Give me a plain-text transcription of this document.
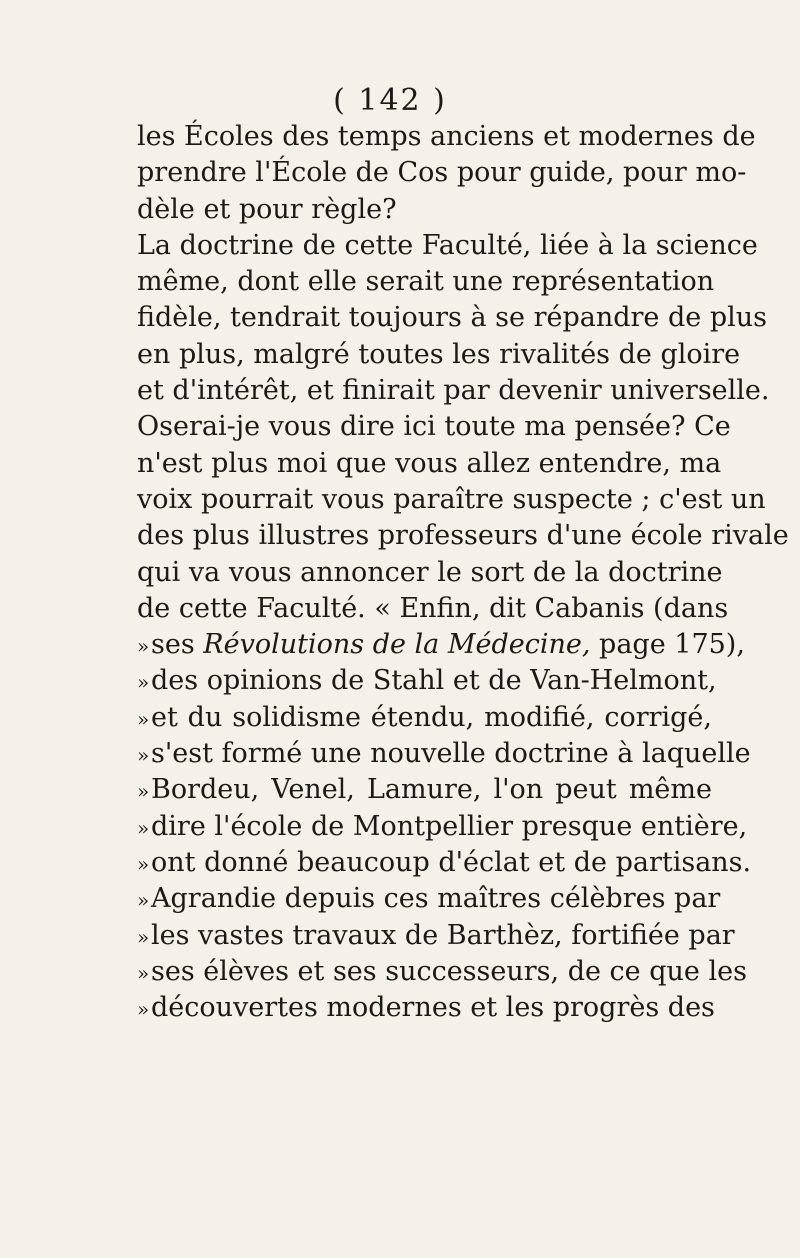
( 142 )
les Écoles des temps anciens et modernes de
prendre l'École de Cos pour guide, pour mo-
dèle et pour règle?
La doctrine de cette Faculté, liée à la science
même, dont elle serait une représentation
fidèle, tendrait toujours à se répandre de plus
en plus, malgré toutes les rivalités de gloire
et d'intérêt, et finirait par devenir universelle.
Oserai-je vous dire ici toute ma pensée? Ce
n'est plus moi que vous allez entendre, ma
voix pourrait vous paraître suspecte ; c'est un
des plus illustres professeurs d'une école rivale
qui va vous annoncer le sort de la doctrine
de cette Faculté. « Enfin, dit Cabanis (dans
»ses Révolutions de la Médecine, page 175),
»des opinions de Stahl et de Van-Helmont,
»et du solidisme étendu, modifié, corrigé,
»s'est formé une nouvelle doctrine à laquelle
»Bordeu, Venel, Lamure, l'on peut même
»dire l'école de Montpellier presque entière,
»ont donné beaucoup d'éclat et de partisans.
»Agrandie depuis ces maîtres célèbres par
»les vastes travaux de Barthèz, fortifiée par
»ses élèves et ses successeurs, de ce que les
»découvertes modernes et les progrès des
